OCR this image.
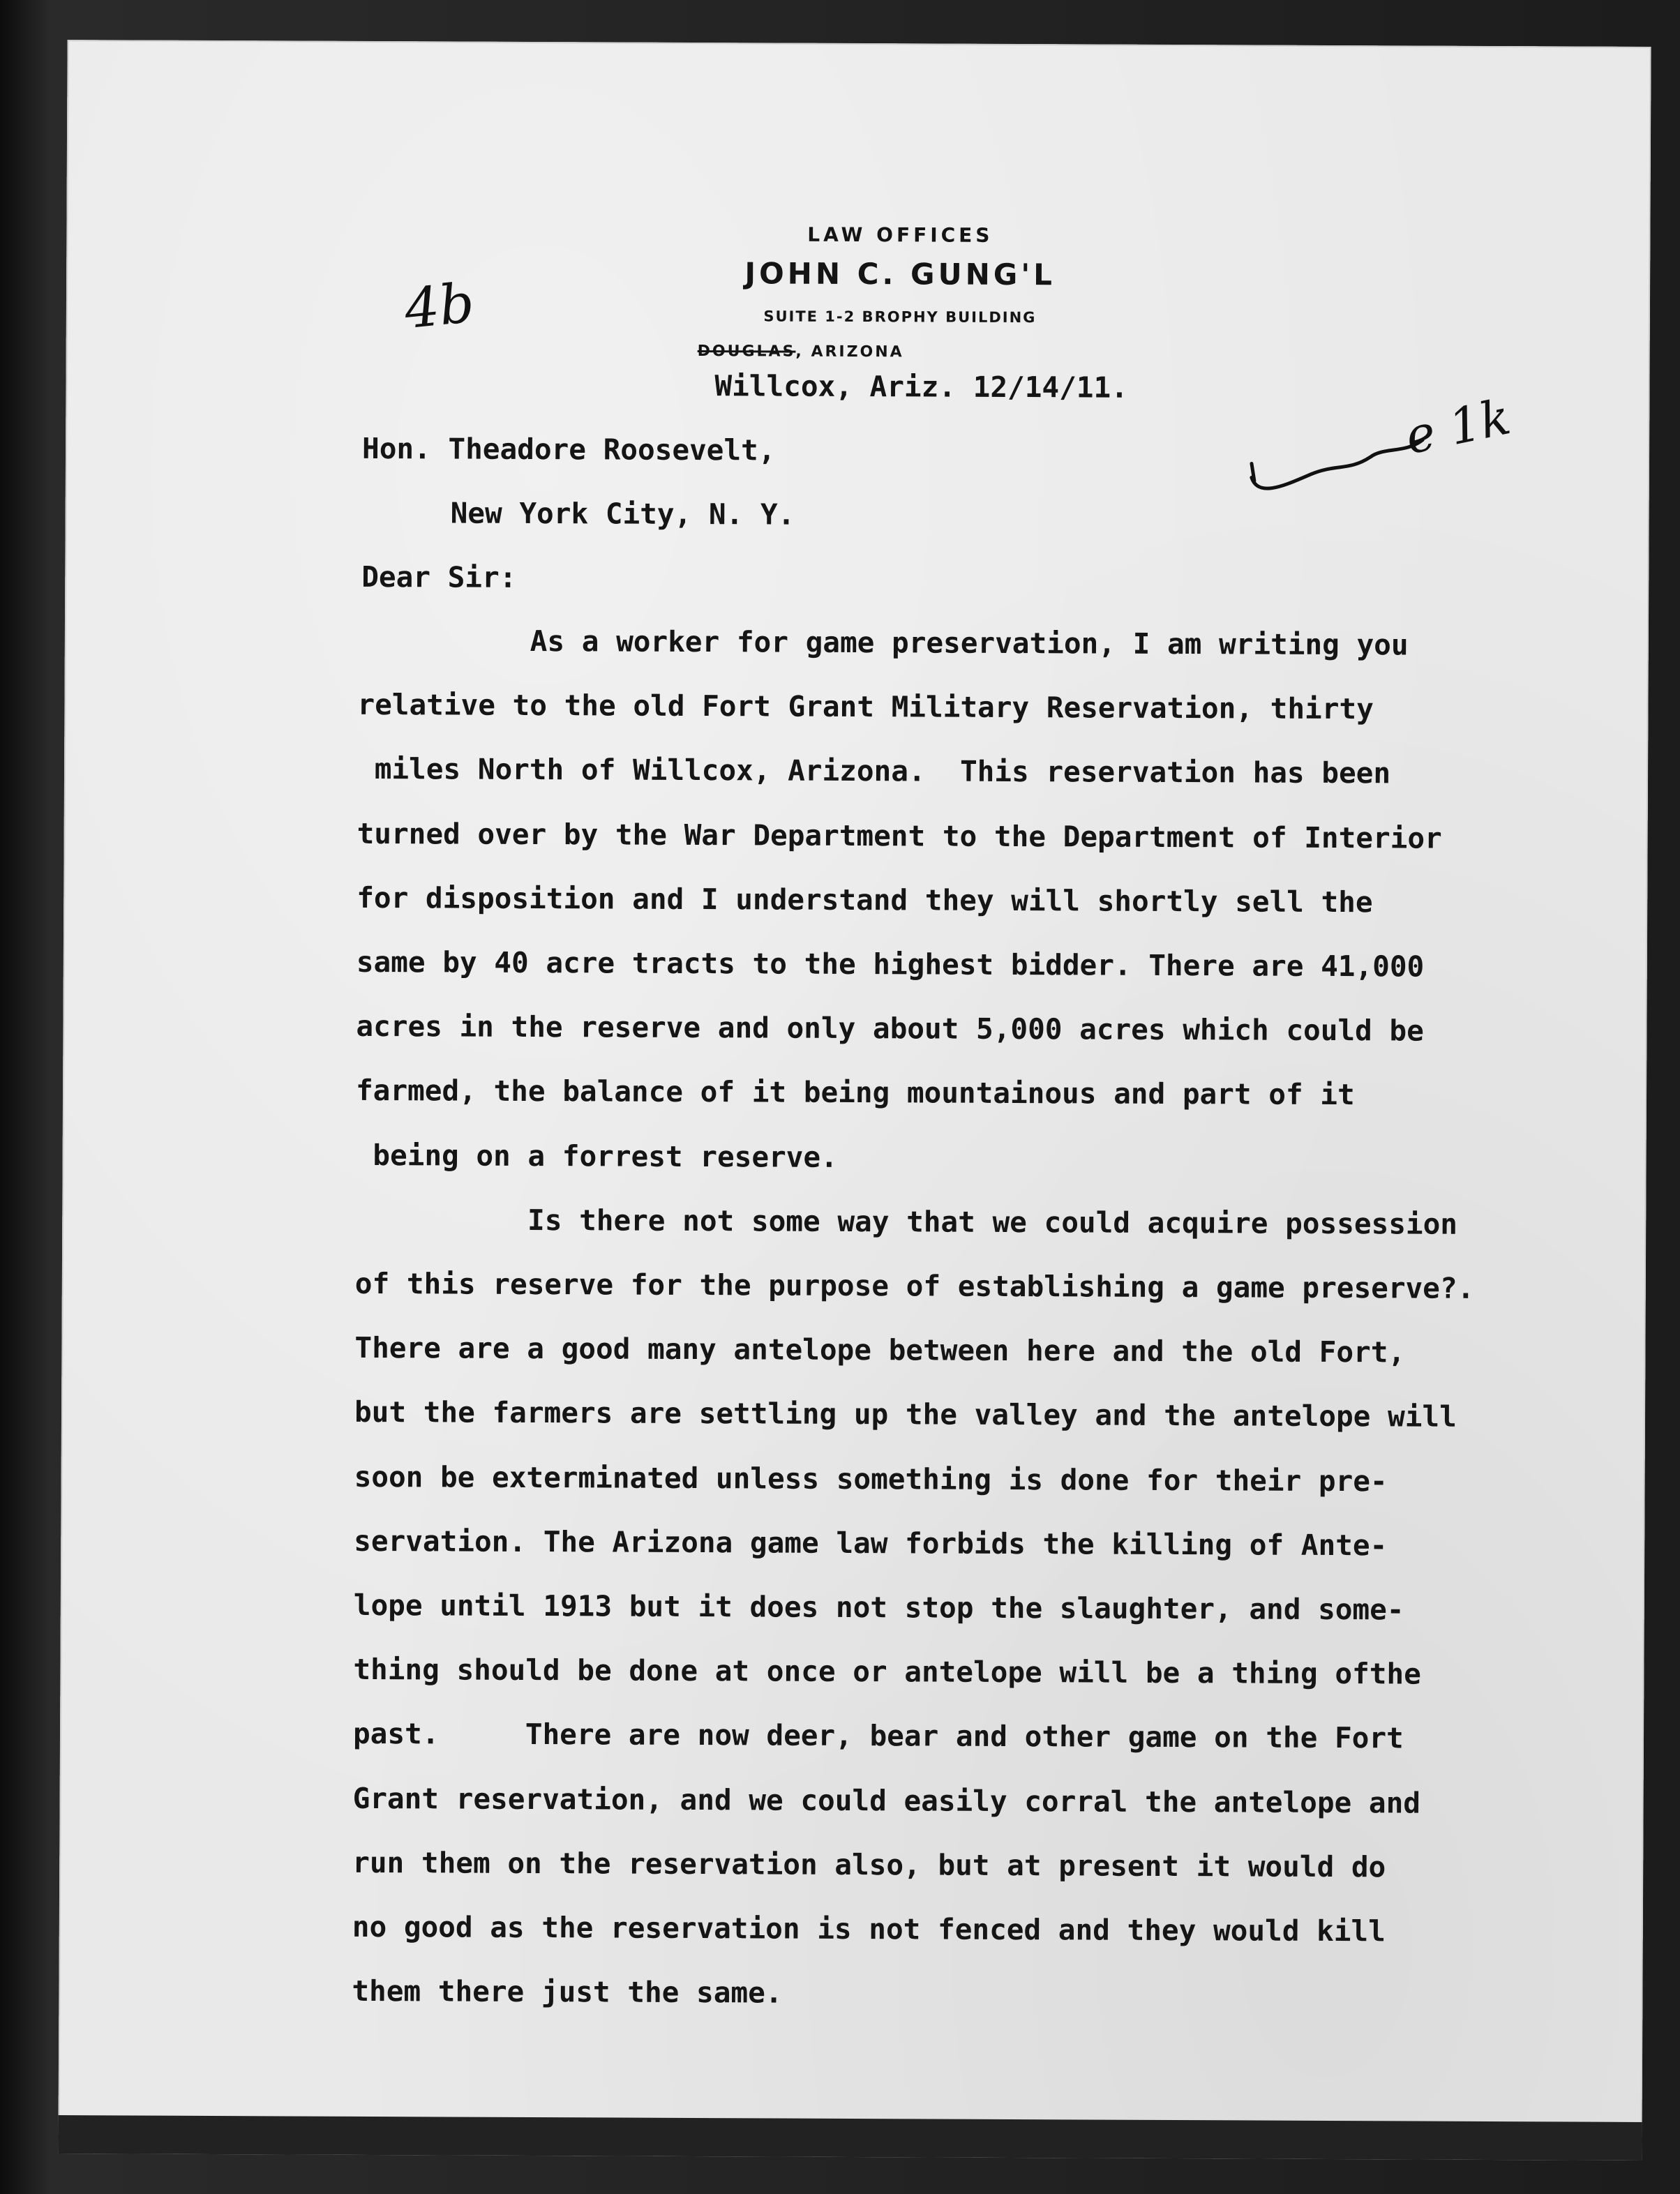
LAW OFFICES
JOHN C. GUNG'L
SUITE 1-2 BROPHY BUILDING
DOUGLAS, ARIZONA
4b
e 1k
Willcox, Ariz. 12/14/11.
Hon. Theadore Roosevelt,
New York City, N. Y.
Dear Sir:
As a worker for game preservation, I am writing you
relative to the old Fort Grant Military Reservation, thirty
miles North of Willcox, Arizona.  This reservation has been
turned over by the War Department to the Department of Interior
for disposition and I understand they will shortly sell the
same by 40 acre tracts to the highest bidder. There are 41,000
acres in the reserve and only about 5,000 acres which could be
farmed, the balance of it being mountainous and part of it
being on a forrest reserve.
Is there not some way that we could acquire possession
of this reserve for the purpose of establishing a game preserve?.
There are a good many antelope between here and the old Fort,
but the farmers are settling up the valley and the antelope will
soon be exterminated unless something is done for their pre-
servation. The Arizona game law forbids the killing of Ante-
lope until 1913 but it does not stop the slaughter, and some-
thing should be done at once or antelope will be a thing ofthe
past.     There are now deer, bear and other game on the Fort
Grant reservation, and we could easily corral the antelope and
run them on the reservation also, but at present it would do
no good as the reservation is not fenced and they would kill
them there just the same.
